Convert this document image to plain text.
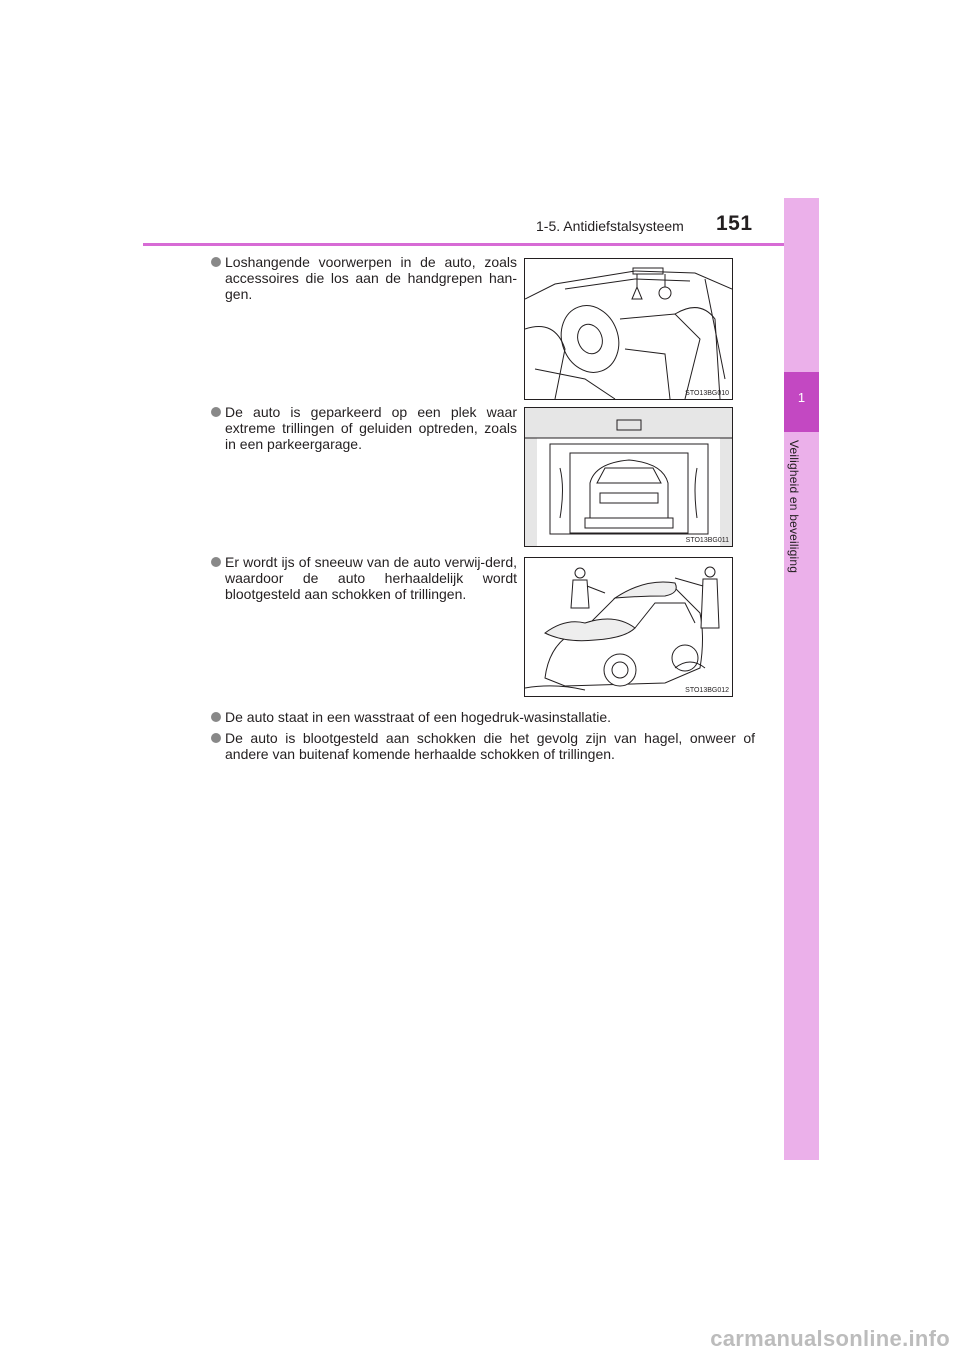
1-5. Antidiefstalsysteem 151
1
Veiligheid en beveiliging
Loshangende voorwerpen in de auto, zoals accessoires die los aan de handgrepen han-gen.
STO13BG010
De auto is geparkeerd op een plek waar extreme trillingen of geluiden optreden, zoals in een parkeergarage.
STO13BG011
Er wordt ijs of sneeuw van de auto verwij-derd, waardoor de auto herhaaldelijk wordt blootgesteld aan schokken of trillingen.
STO13BG012
De auto staat in een wasstraat of een hogedruk-wasinstallatie.
De auto is blootgesteld aan schokken die het gevolg zijn van hagel, onweer of andere van buitenaf komende herhaalde schokken of trillingen.
carmanualsonline.info
